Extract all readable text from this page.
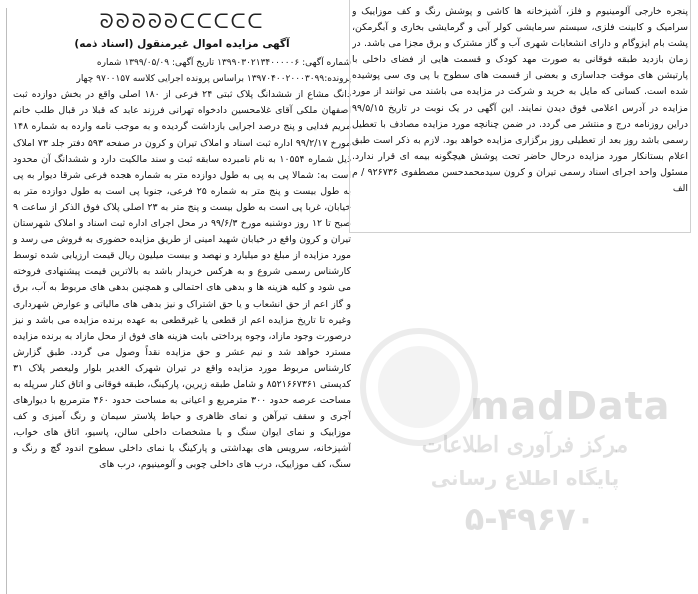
ᘐᘐᘐᘐᘐᑕᑕᑕᑕᑕ
آگهی مزایده اموال غیرمنقول (اسناد ذمه)

شماره آگهی: ۱۳۹۹۰۳۰۲۱۳۴۰۰۰۰۰۶ تاریخ آگهی: ۱۳۹۹/۰۵/۰۹ شماره

پرونده:۱۳۹۷۰۴۰۰۲۰۰۰۳۰۹۹ براساس پرونده اجرایی کلاسه ۹۷۰۰۱۵۷ چهار

دانگ مشاع از ششدانگ پلاک ثبتی ۲۴ فرعی از ۱۸۰ اصلی واقع در بخش دوازده ثبت اصفهان ملکی آقای غلامحسین دادخواه تهرانی فرزند عابد که قبلا در قبال طلب خانم مریم فدایی و پنج درصد اجرایی بازداشت گردیده و به موجب نامه وارده به شماره ۱۴۸ مورخ ۹۹/۲/۱۷ اداره ثبت اسناد و املاک تیران و کرون در صفحه ۵۹۳ دفتر جلد ۷۳ املاک ذیل شماره ۱۰۵۵۴ به نام نامبرده سابقه ثبت و سند مالکیت دارد و ششدانگ آن محدود است به: شمالا پی به پی به طول دوازده متر به شماره هجده فرعی شرقا دیوار به پی به طول بیست و پنج متر به شماره ۲۵ فرعی، جنوبا پی است به طول دوازده متر به خیابان، غربا پی است به طول بیست و پنج متر به ۲۳ اصلی پلاک فوق الذکر از ساعت ۹ صبح تا ۱۲ روز دوشنبه مورخ ۹۹/۶/۳ در محل اجرای اداره ثبت اسناد و املاک شهرستان تیران و کرون واقع در خیابان شهید امینی از طریق مزایده حضوری به فروش می رسد و مورد مزایده از مبلغ دو میلیارد و نهصد و بیست میلیون ریال قیمت ارزیابی شده توسط کارشناس رسمی شروع و به هرکس خریدار باشد به بالاترین قیمت پیشنهادی فروخته می شود و کلیه هزینه ها و بدهی های احتمالی و همچنین بدهی های مربوط به آب، برق و گاز اعم از حق انشعاب و یا حق اشتراک و نیز بدهی های مالیاتی و عوارض شهرداری وغیره تا تاریخ مزایده اعم از قطعی یا غیرقطعی به عهده برنده مزایده می باشد و نیز درصورت وجود مازاد، وجوه پرداختی بابت هزینه های فوق از محل مازاد به برنده مزایده مسترد خواهد شد و نیم عشر و حق مزایده نقداً وصول می گردد. طبق گزارش کارشناس مربوط مورد مزایده واقع در تیران شهرک الغدیر بلوار ولیعصر پلاک ۳۱ کدپستی ۸۵۲۱۶۶۷۳۶۱ و شامل طبقه زیرین، پارکینگ، طبقه فوقانی و اتاق کنار سرپله به مساحت عرصه حدود ۳۰۰ مترمربع و اعیانی به مساحت حدود ۴۶۰ مترمربع با دیوارهای آجری و سقف تیرآهن و نمای ظاهری و حیاط پلاستر سیمان و رنگ آمیزی و کف موزاییک و نمای ایوان سنگ و با مشخصات داخلی سالن، پاسیو، اتاق های خواب، آشپزخانه، سرویس های بهداشتی و پارکینگ با نمای داخلی سطوح اندود گچ و رنگ و سنگ، کف موزاییک، درب های داخلی چوبی و آلومینیوم، درب های

پنجره خارجی آلومینیوم و فلز، آشپزخانه ها کاشی و پوشش رنگ و کف موزاییک و سرامیک و کابینت فلزی، سیستم سرمایشی کولر آبی و گرمایشی بخاری و آبگرمکن، پشت بام ایزوگام و دارای انشعابات شهری آب و گاز مشترک و برق مجزا می باشد. در زمان بازدید طبقه فوقانی به صورت مهد کودک و قسمت هایی از فضای داخلی با پارتیشن های موقت جداسازی و بعضی از قسمت های سطوح با پی وی سی پوشیده شده است. کسانی که مایل به خرید و شرکت در مزایده می باشند می توانند از مورد مزایده در آدرس اعلامی فوق دیدن نمایند. این آگهی در یک نوبت در تاریخ ۹۹/۵/۱۵ دراین روزنامه درج و منتشر می گردد. در ضمن چنانچه مورد مزایده مصادف با تعطیل رسمی باشد روز بعد از تعطیلی روز برگزاری مزایده خواهد بود. لازم به ذکر است طبق اعلام بستانکار مورد مزایده درحال حاضر تحت پوشش هیچگونه بیمه ای قرار ندارد. مسئول واحد اجرای اسناد رسمی تیران و کرون سیدمحمدحسن مصطفوی ۹۲۶۷۳۶ / م الف

madData
مرکز فرآوری اطلاعات
پایگاه اطلاع رسانی
۵-۴۹۶۷۰
